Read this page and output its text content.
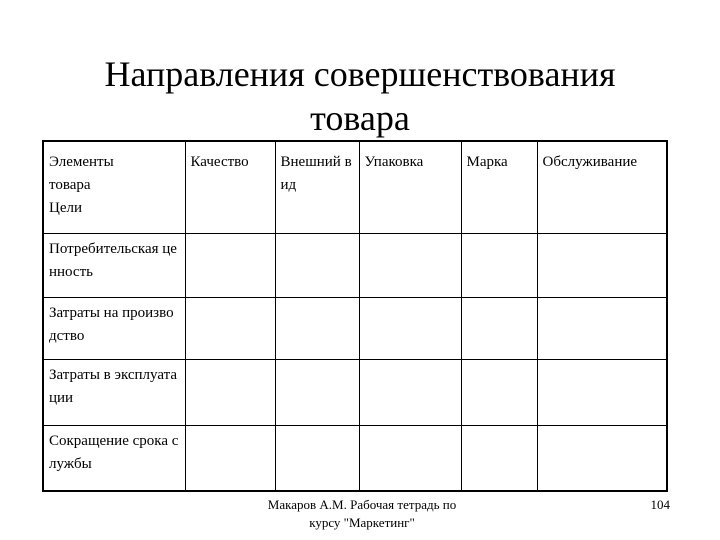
Направления совершенствования
товара
Элементы
товара
Цели	Качество	Внешний вид	Упаковка	Марка	Обслуживание
Потребительская ценность					
Затраты на производство					
Затраты в эксплуатации					
Сокращение срока службы					
Макаров А.М. Рабочая тетрадь по
курсу "Маркетинг"
104
